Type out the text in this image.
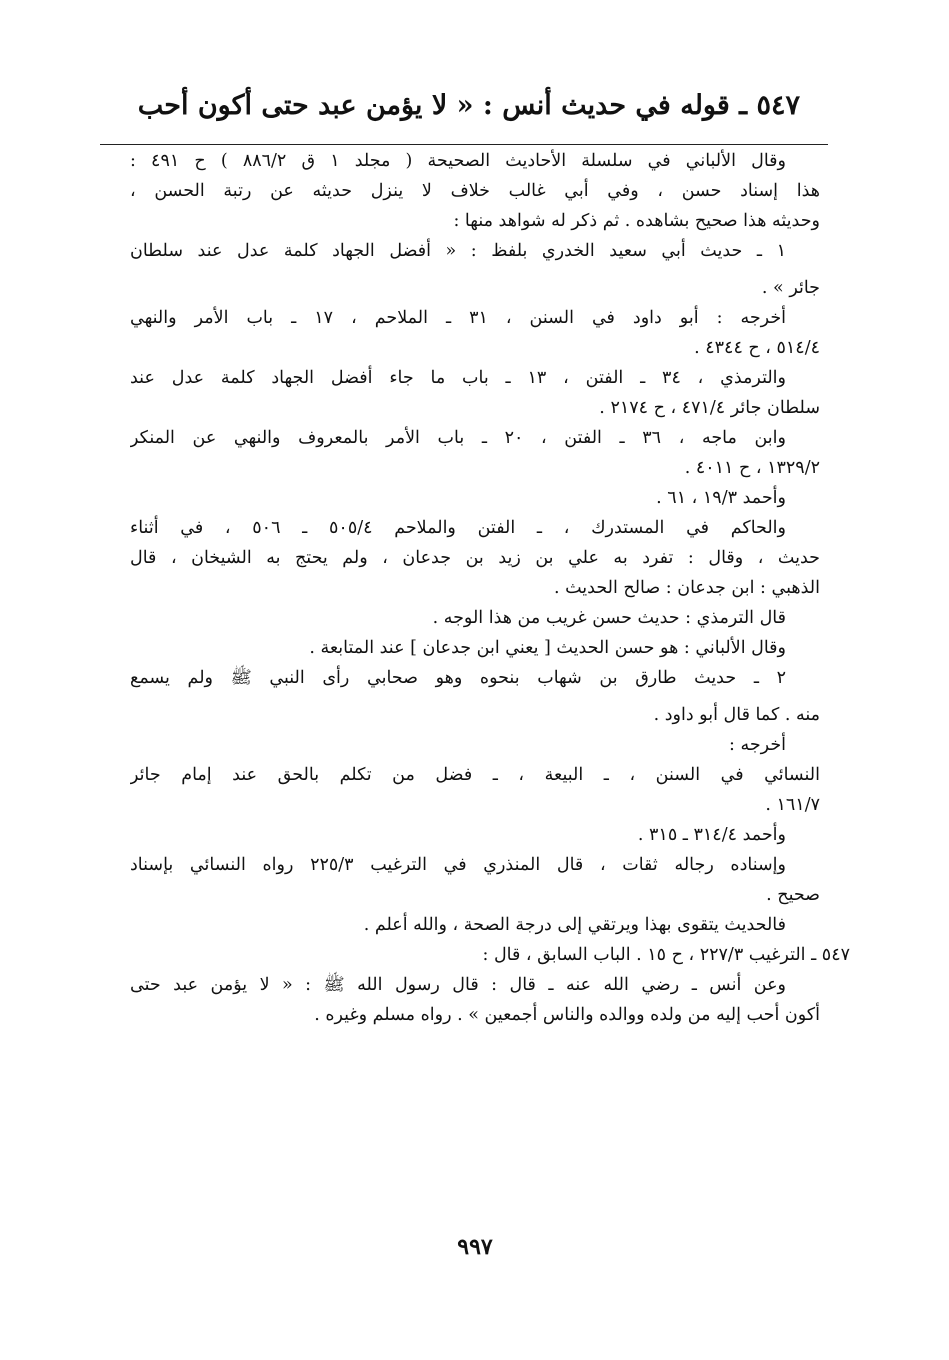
٥٤٧ ـ قوله في حديث أنس : « لا يؤمن عبد حتى أكون أحب
وقال الألباني في سلسلة الأحاديث الصحيحة ( مجلد ١ ق ٨٨٦/٢ ) ح ٤٩١ :
هذا إسناد حسن ، وفي أبي غالب خلاف لا ينزل حديثه عن رتبة الحسن ،
وحديثه هذا صحيح بشاهده . ثم ذكر له شواهد منها :
١ ـ حديث أبي سعيد الخدري بلفظ : « أفضل الجهاد كلمة عدل عند سلطان
جائر » .
أخرجه : أبو داود في السنن ، ٣١ ـ الملاحم ، ١٧ ـ باب الأمر والنهي
٥١٤/٤ ، ح ٤٣٤٤ .
والترمذي ، ٣٤ ـ الفتن ، ١٣ ـ باب ما جاء أفضل الجهاد كلمة عدل عند
سلطان جائر ٤٧١/٤ ، ح ٢١٧٤ .
وابن ماجه ، ٣٦ ـ الفتن ، ٢٠ ـ باب الأمر بالمعروف والنهي عن المنكر
١٣٢٩/٢ ، ح ٤٠١١ .
وأحمد ١٩/٣ ، ٦١ .
والحاكم في المستدرك ، ـ الفتن والملاحم ٥٠٥/٤ ـ ٥٠٦ ، في أثناء
حديث ، وقال : تفرد به علي بن زيد بن جدعان ، ولم يحتج به الشيخان ، قال
الذهبي : ابن جدعان : صالح الحديث .
قال الترمذي : حديث حسن غريب من هذا الوجه .
وقال الألباني : هو حسن الحديث [ يعني ابن جدعان ] عند المتابعة .
٢ ـ حديث طارق بن شهاب بنحوه وهو صحابي رأى النبي ﷺ ولم يسمع
منه . كما قال أبو داود .
أخرجه :
النسائي في السنن ، ـ البيعة ، ـ فضل من تكلم بالحق عند إمام جائر
١٦١/٧ .
وأحمد ٣١٤/٤ ـ ٣١٥ .
وإسناده رجاله ثقات ، قال المنذري في الترغيب ٢٢٥/٣ رواه النسائي بإسناد
صحيح .
فالحديث يتقوى بهذا ويرتقي إلى درجة الصحة ، والله أعلم .
٥٤٧ ـ الترغيب ٢٢٧/٣ ، ح ١٥ . الباب السابق ، قال :
وعن أنس ـ رضي الله عنه ـ قال : قال رسول الله ﷺ : « لا يؤمن عبد حتى
أكون أحب إليه من ولده ووالده والناس أجمعين » . رواه مسلم وغيره .
٩٩٧
